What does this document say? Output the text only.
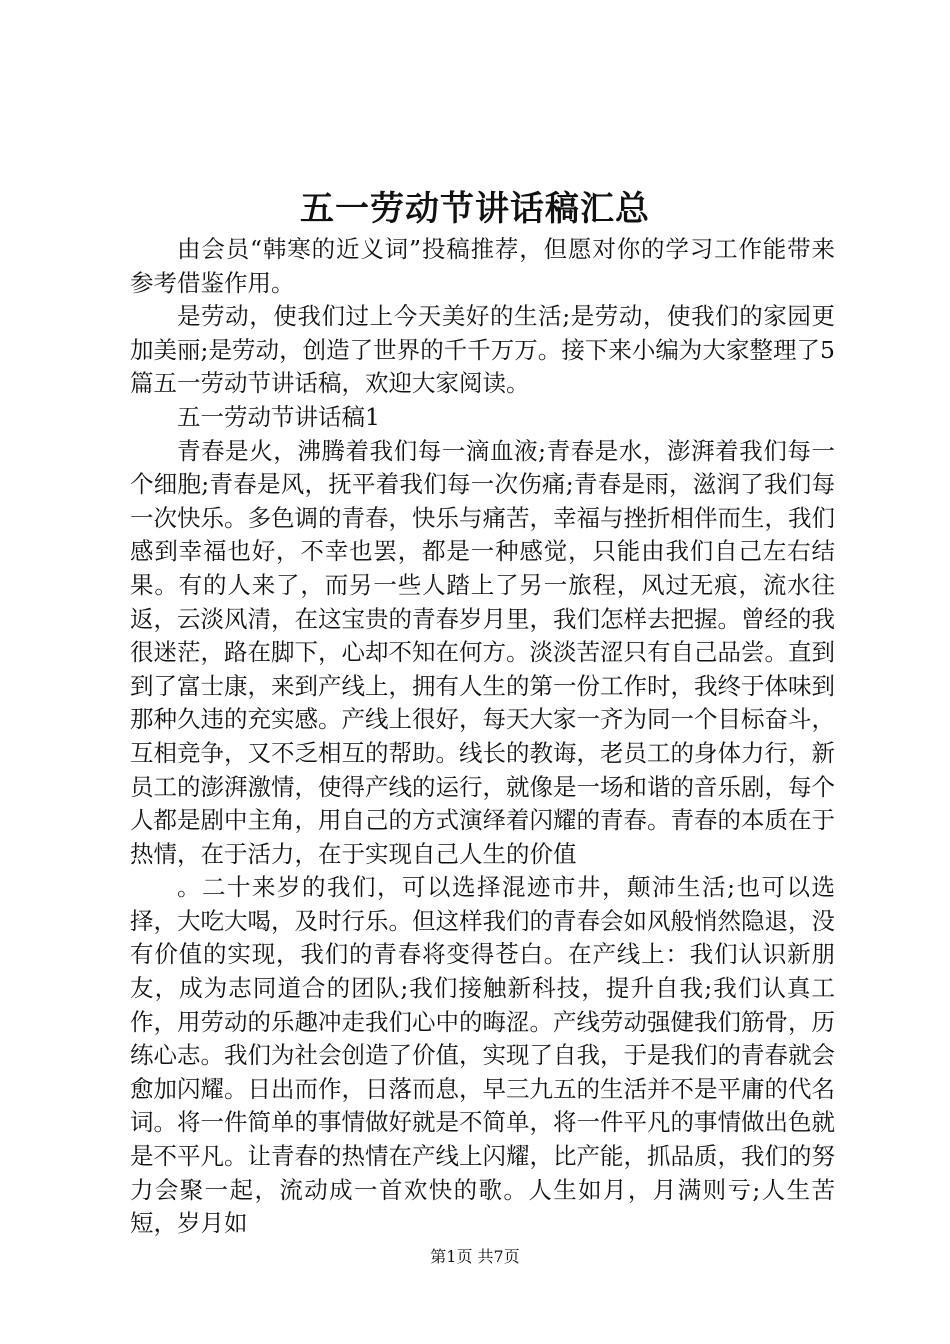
五一劳动节讲话稿汇总

由会员“韩寒的近义词”投稿推荐，但愿对你的学习工作能带来参考借鉴作用。

是劳动，使我们过上今天美好的生活;是劳动，使我们的家园更加美丽;是劳动，创造了世界的千千万万。接下来小编为大家整理了5篇五一劳动节讲话稿，欢迎大家阅读。

五一劳动节讲话稿1

青春是火，沸腾着我们每一滴血液;青春是水，澎湃着我们每一个细胞;青春是风，抚平着我们每一次伤痛;青春是雨，滋润了我们每一次快乐。多色调的青春，快乐与痛苦，幸福与挫折相伴而生，我们感到幸福也好，不幸也罢，都是一种感觉，只能由我们自己左右结果。有的人来了，而另一些人踏上了另一旅程，风过无痕，流水往返，云淡风清，在这宝贵的青春岁月里，我们怎样去把握。曾经的我很迷茫，路在脚下，心却不知在何方。淡淡苦涩只有自己品尝。直到到了富士康，来到产线上，拥有人生的第一份工作时，我终于体味到那种久违的充实感。产线上很好，每天大家一齐为同一个目标奋斗，互相竞争，又不乏相互的帮助。线长的教诲，老员工的身体力行，新员工的澎湃激情，使得产线的运行，就像是一场和谐的音乐剧，每个人都是剧中主角，用自己的方式演绎着闪耀的青春。青春的本质在于热情，在于活力，在于实现自己人生的价值

。二十来岁的我们，可以选择混迹市井，颠沛生活;也可以选择，大吃大喝，及时行乐。但这样我们的青春会如风般悄然隐退，没有价值的实现，我们的青春将变得苍白。在产线上：我们认识新朋友，成为志同道合的团队;我们接触新科技，提升自我;我们认真工作，用劳动的乐趣冲走我们心中的晦涩。产线劳动强健我们筋骨，历练心志。我们为社会创造了价值，实现了自我，于是我们的青春就会愈加闪耀。日出而作，日落而息，早三九五的生活并不是平庸的代名词。将一件简单的事情做好就是不简单，将一件平凡的事情做出色就是不平凡。让青春的热情在产线上闪耀，比产能，抓品质，我们的努力会聚一起，流动成一首欢快的歌。人生如月，月满则亏;人生苦短，岁月如

第1页 共7页
